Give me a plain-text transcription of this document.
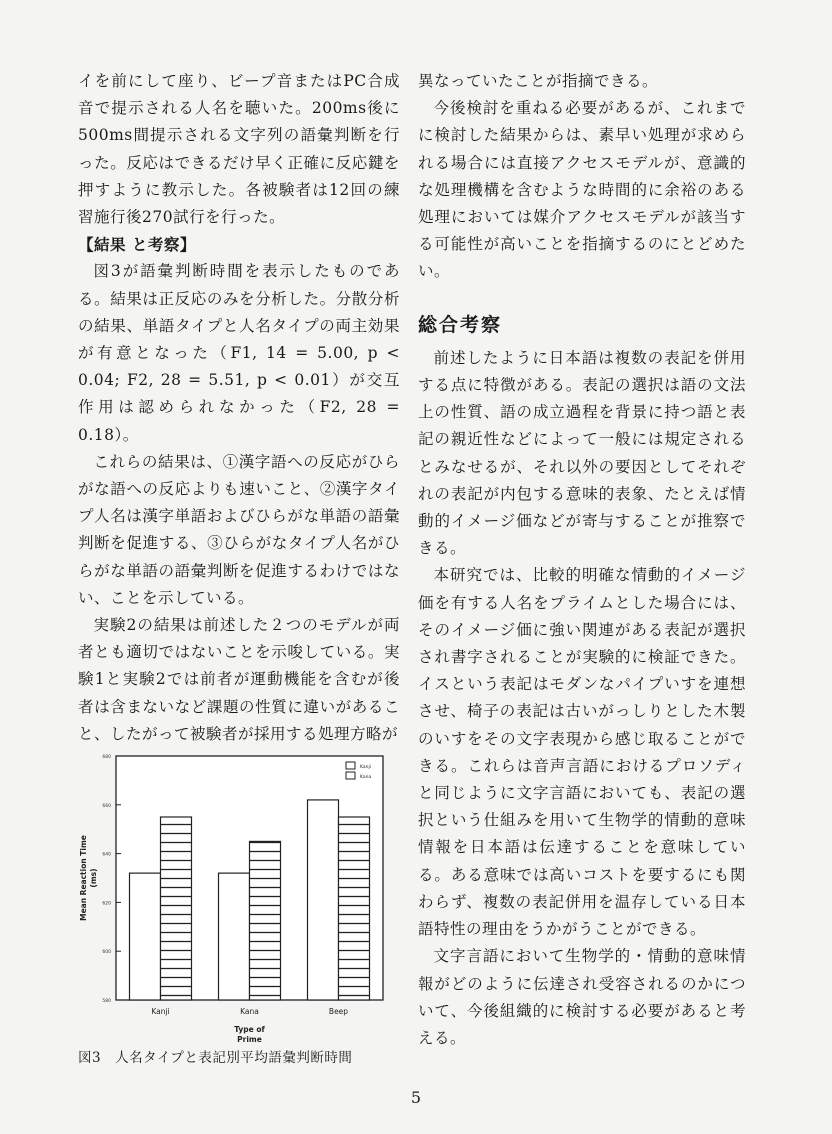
イを前にして座り、ビープ音またはPC合成音で提示される人名を聴いた。200ms後に500ms間提示される文字列の語彙判断を行った。反応はできるだけ早く正確に反応鍵を押すように教示した。各被験者は12回の練習施行後270試行を行った。

【結果 と考察】

図3が語彙判断時間を表示したものである。結果は正反応のみを分析した。分散分析の結果、単語タイプと人名タイプの両主効果が有意となった（F1, 14 = 5.00, p < 0.04; F2, 28 = 5.51, p < 0.01）が交互作用は認められなかった（F2, 28 = 0.18）。

これらの結果は、①漢字語への反応がひらがな語への反応よりも速いこと、②漢字タイプ人名は漢字単語およびひらがな単語の語彙判断を促進する、③ひらがなタイプ人名がひらがな単語の語彙判断を促進するわけではない、ことを示している。

実験2の結果は前述した２つのモデルが両者とも適切ではないことを示唆している。実験1と実験2では前者が運動機能を含むが後者は含まないなど課題の性質に違いがあること、したがって被験者が採用する処理方略が

異なっていたことが指摘できる。

今後検討を重ねる必要があるが、これまでに検討した結果からは、素早い処理が求められる場合には直接アクセスモデルが、意識的な処理機構を含むような時間的に余裕のある処理においては媒介アクセスモデルが該当する可能性が高いことを指摘するのにとどめたい。

総合考察

前述したように日本語は複数の表記を併用する点に特徴がある。表記の選択は語の文法上の性質、語の成立過程を背景に持つ語と表記の親近性などによって一般には規定されるとみなせるが、それ以外の要因としてそれぞれの表記が内包する意味的表象、たとえば情動的イメージ価などが寄与することが推察できる。

本研究では、比較的明確な情動的イメージ価を有する人名をプライムとした場合には、そのイメージ価に強い関連がある表記が選択され書字されることが実験的に検証できた。イスという表記はモダンなパイプいすを連想させ、椅子の表記は古いがっしりとした木製のいすをその文字表現から感じ取ることができる。これらは音声言語におけるプロソディと同じように文字言語においても、表記の選択という仕組みを用いて生物学的情動的意味情報を日本語は伝達することを意味している。ある意味では高いコストを要するにも関わらず、複数の表記併用を温存している日本語特性の理由をうかがうことができる。

文字言語において生物学的・情動的意味情報がどのように伝達され受容されるのかについて、今後組織的に検討する必要があると考える。

580
600
620
640
660
680
Kanji	Kana	Beep
Kanji
Kana
Type of
Prime
Mean Reaction Time (ms)
図3　人名タイプと表記別平均語彙判断時間
5
